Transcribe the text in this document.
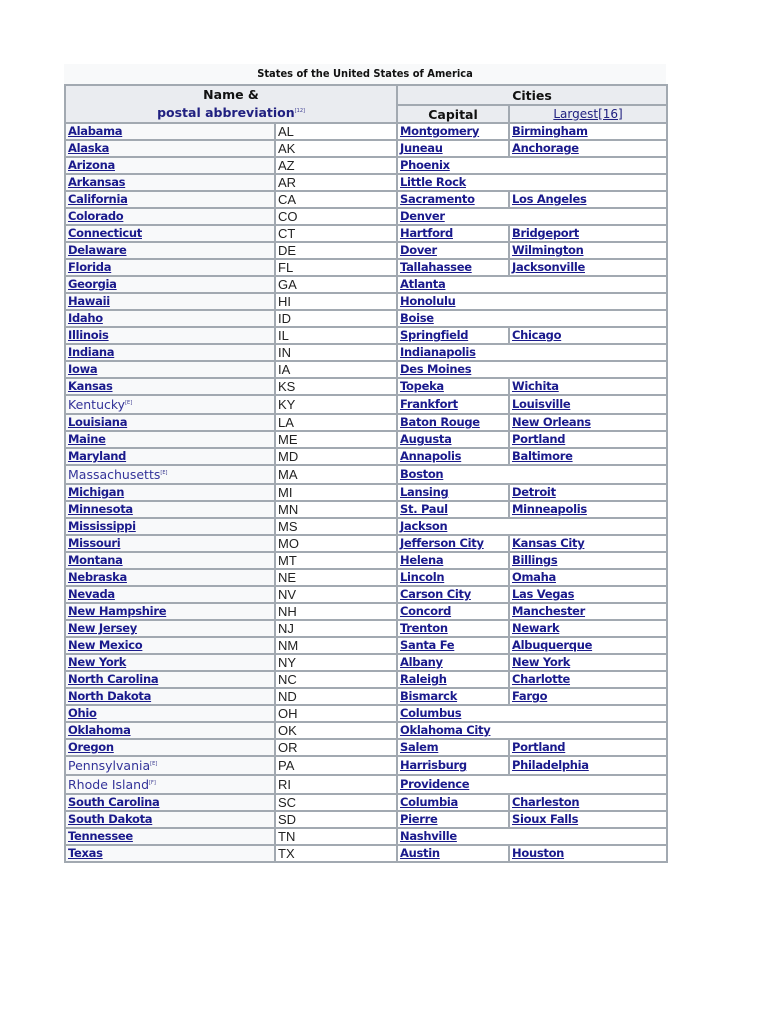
States of the United States of America
Name &
postal abbreviation[12]		Cities	
		Capital	Largest[16]
Alabama	AL	Montgomery	Birmingham
Alaska	AK	Juneau	Anchorage
Arizona	AZ	Phoenix	
Arkansas	AR	Little Rock	
California	CA	Sacramento	Los Angeles
Colorado	CO	Denver	
Connecticut	CT	Hartford	Bridgeport
Delaware	DE	Dover	Wilmington
Florida	FL	Tallahassee	Jacksonville
Georgia	GA	Atlanta	
Hawaii	HI	Honolulu	
Idaho	ID	Boise	
Illinois	IL	Springfield	Chicago
Indiana	IN	Indianapolis	
Iowa	IA	Des Moines	
Kansas	KS	Topeka	Wichita
Kentucky[E]	KY	Frankfort	Louisville
Louisiana	LA	Baton Rouge	New Orleans
Maine	ME	Augusta	Portland
Maryland	MD	Annapolis	Baltimore
Massachusetts[E]	MA	Boston	
Michigan	MI	Lansing	Detroit
Minnesota	MN	St. Paul	Minneapolis
Mississippi	MS	Jackson	
Missouri	MO	Jefferson City	Kansas City
Montana	MT	Helena	Billings
Nebraska	NE	Lincoln	Omaha
Nevada	NV	Carson City	Las Vegas
New Hampshire	NH	Concord	Manchester
New Jersey	NJ	Trenton	Newark
New Mexico	NM	Santa Fe	Albuquerque
New York	NY	Albany	New York
North Carolina	NC	Raleigh	Charlotte
North Dakota	ND	Bismarck	Fargo
Ohio	OH	Columbus	
Oklahoma	OK	Oklahoma City	
Oregon	OR	Salem	Portland
Pennsylvania[E]	PA	Harrisburg	Philadelphia
Rhode Island[F]	RI	Providence	
South Carolina	SC	Columbia	Charleston
South Dakota	SD	Pierre	Sioux Falls
Tennessee	TN	Nashville	
Texas	TX	Austin	Houston
